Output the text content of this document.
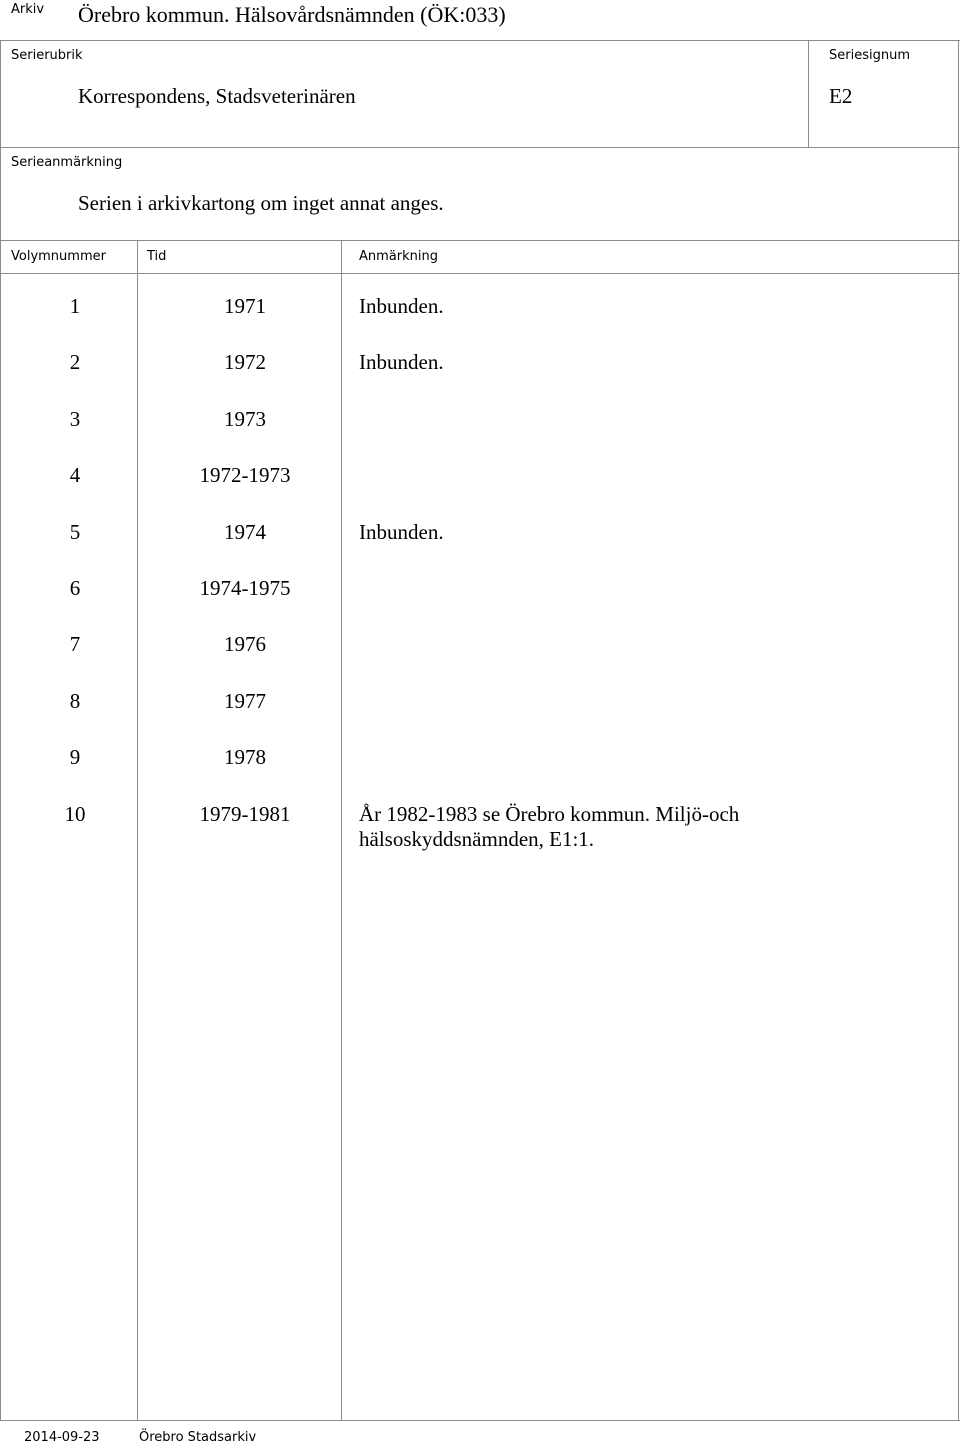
Arkiv Örebro kommun. Hälsovårdsnämnden (ÖK:033)
Serierubrik
Korrespondens, Stadsveterinären
Seriesignum
E2
Serieanmärkning
Serien i arkivkartong om inget annat anges.
Volymnummer	Tid	Anmärkning
1	1971	Inbunden.
2	1972	Inbunden.
3	1973
4	1972-1973
5	1974	Inbunden.
6	1974-1975
7	1976
8	1977
9	1978
10	1979-1981	År 1982-1983 se Örebro kommun. Miljö-och hälsoskyddsnämnden, E1:1.
2014-09-23	Örebro Stadsarkiv
